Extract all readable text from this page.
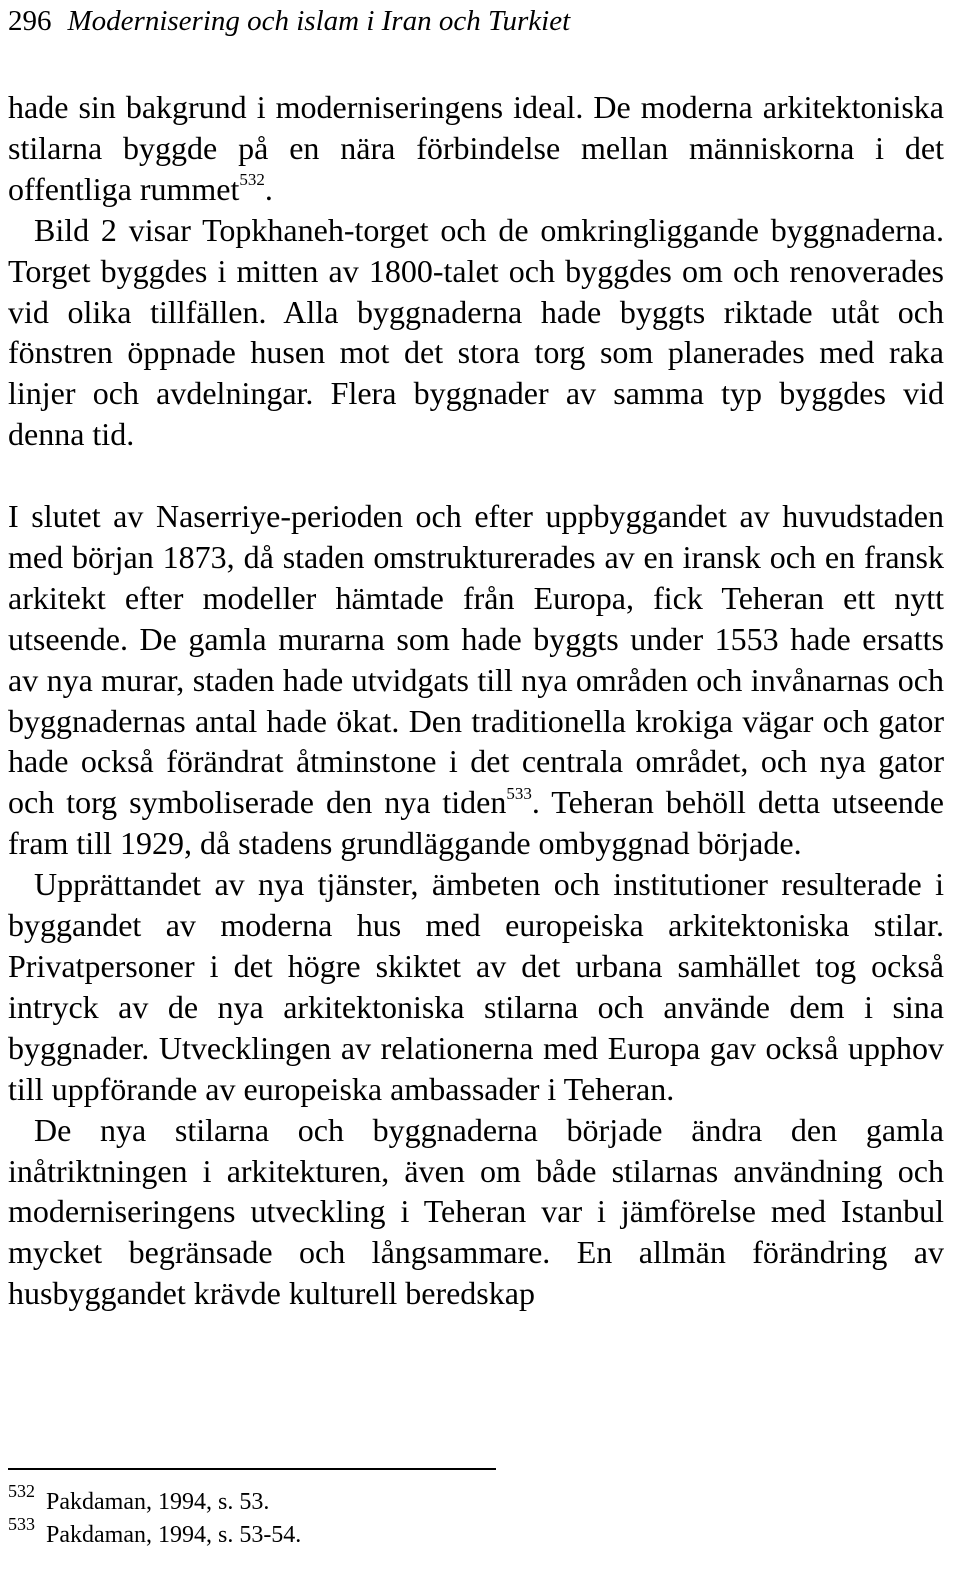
296 Modernisering och islam i Iran och Turkiet

hade sin bakgrund i moderniseringens ideal. De moderna arkitektoniska stilarna byggde på en nära förbindelse mellan människorna i det offentliga rummet$^{532}$.

Bild 2 visar Topkhaneh-torget och de omkringliggande byggnaderna. Torget byggdes i mitten av 1800-talet och byggdes om och renoverades vid olika tillfällen. Alla byggnaderna hade byggts riktade utåt och fönstren öppnade husen mot det stora torg som planerades med raka linjer och avdelningar. Flera byggnader av samma typ byggdes vid denna tid.

I slutet av Naserriye-perioden och efter uppbyggandet av huvudstaden med början 1873, då staden omstrukturerades av en iransk och en fransk arkitekt efter modeller hämtade från Europa, fick Teheran ett nytt utseende. De gamla murarna som hade byggts under 1553 hade ersatts av nya murar, staden hade utvidgats till nya områden och invånarnas och byggnadernas antal hade ökat. Den traditionella krokiga vägar och gator hade också förändrat åtminstone i det centrala området, och nya gator och torg symboliserade den nya tiden$^{533}$. Teheran behöll detta utseende fram till 1929, då stadens grundläggande ombyggnad började.

Upprättandet av nya tjänster, ämbeten och institutioner resulterade i byggandet av moderna hus med europeiska arkitektoniska stilar. Privatpersoner i det högre skiktet av det urbana samhället tog också intryck av de nya arkitektoniska stilarna och använde dem i sina byggnader. Utvecklingen av relationerna med Europa gav också upphov till uppförande av europeiska ambassader i Teheran.

De nya stilarna och byggnaderna började ändra den gamla inåtriktningen i arkitekturen, även om både stilarnas användning och moderniseringens utveckling i Teheran var i jämförelse med Istanbul mycket begränsade och långsammare. En allmän förändring av husbyggandet krävde kulturell beredskap

532 Pakdaman, 1994, s. 53.
533 Pakdaman, 1994, s. 53-54.
